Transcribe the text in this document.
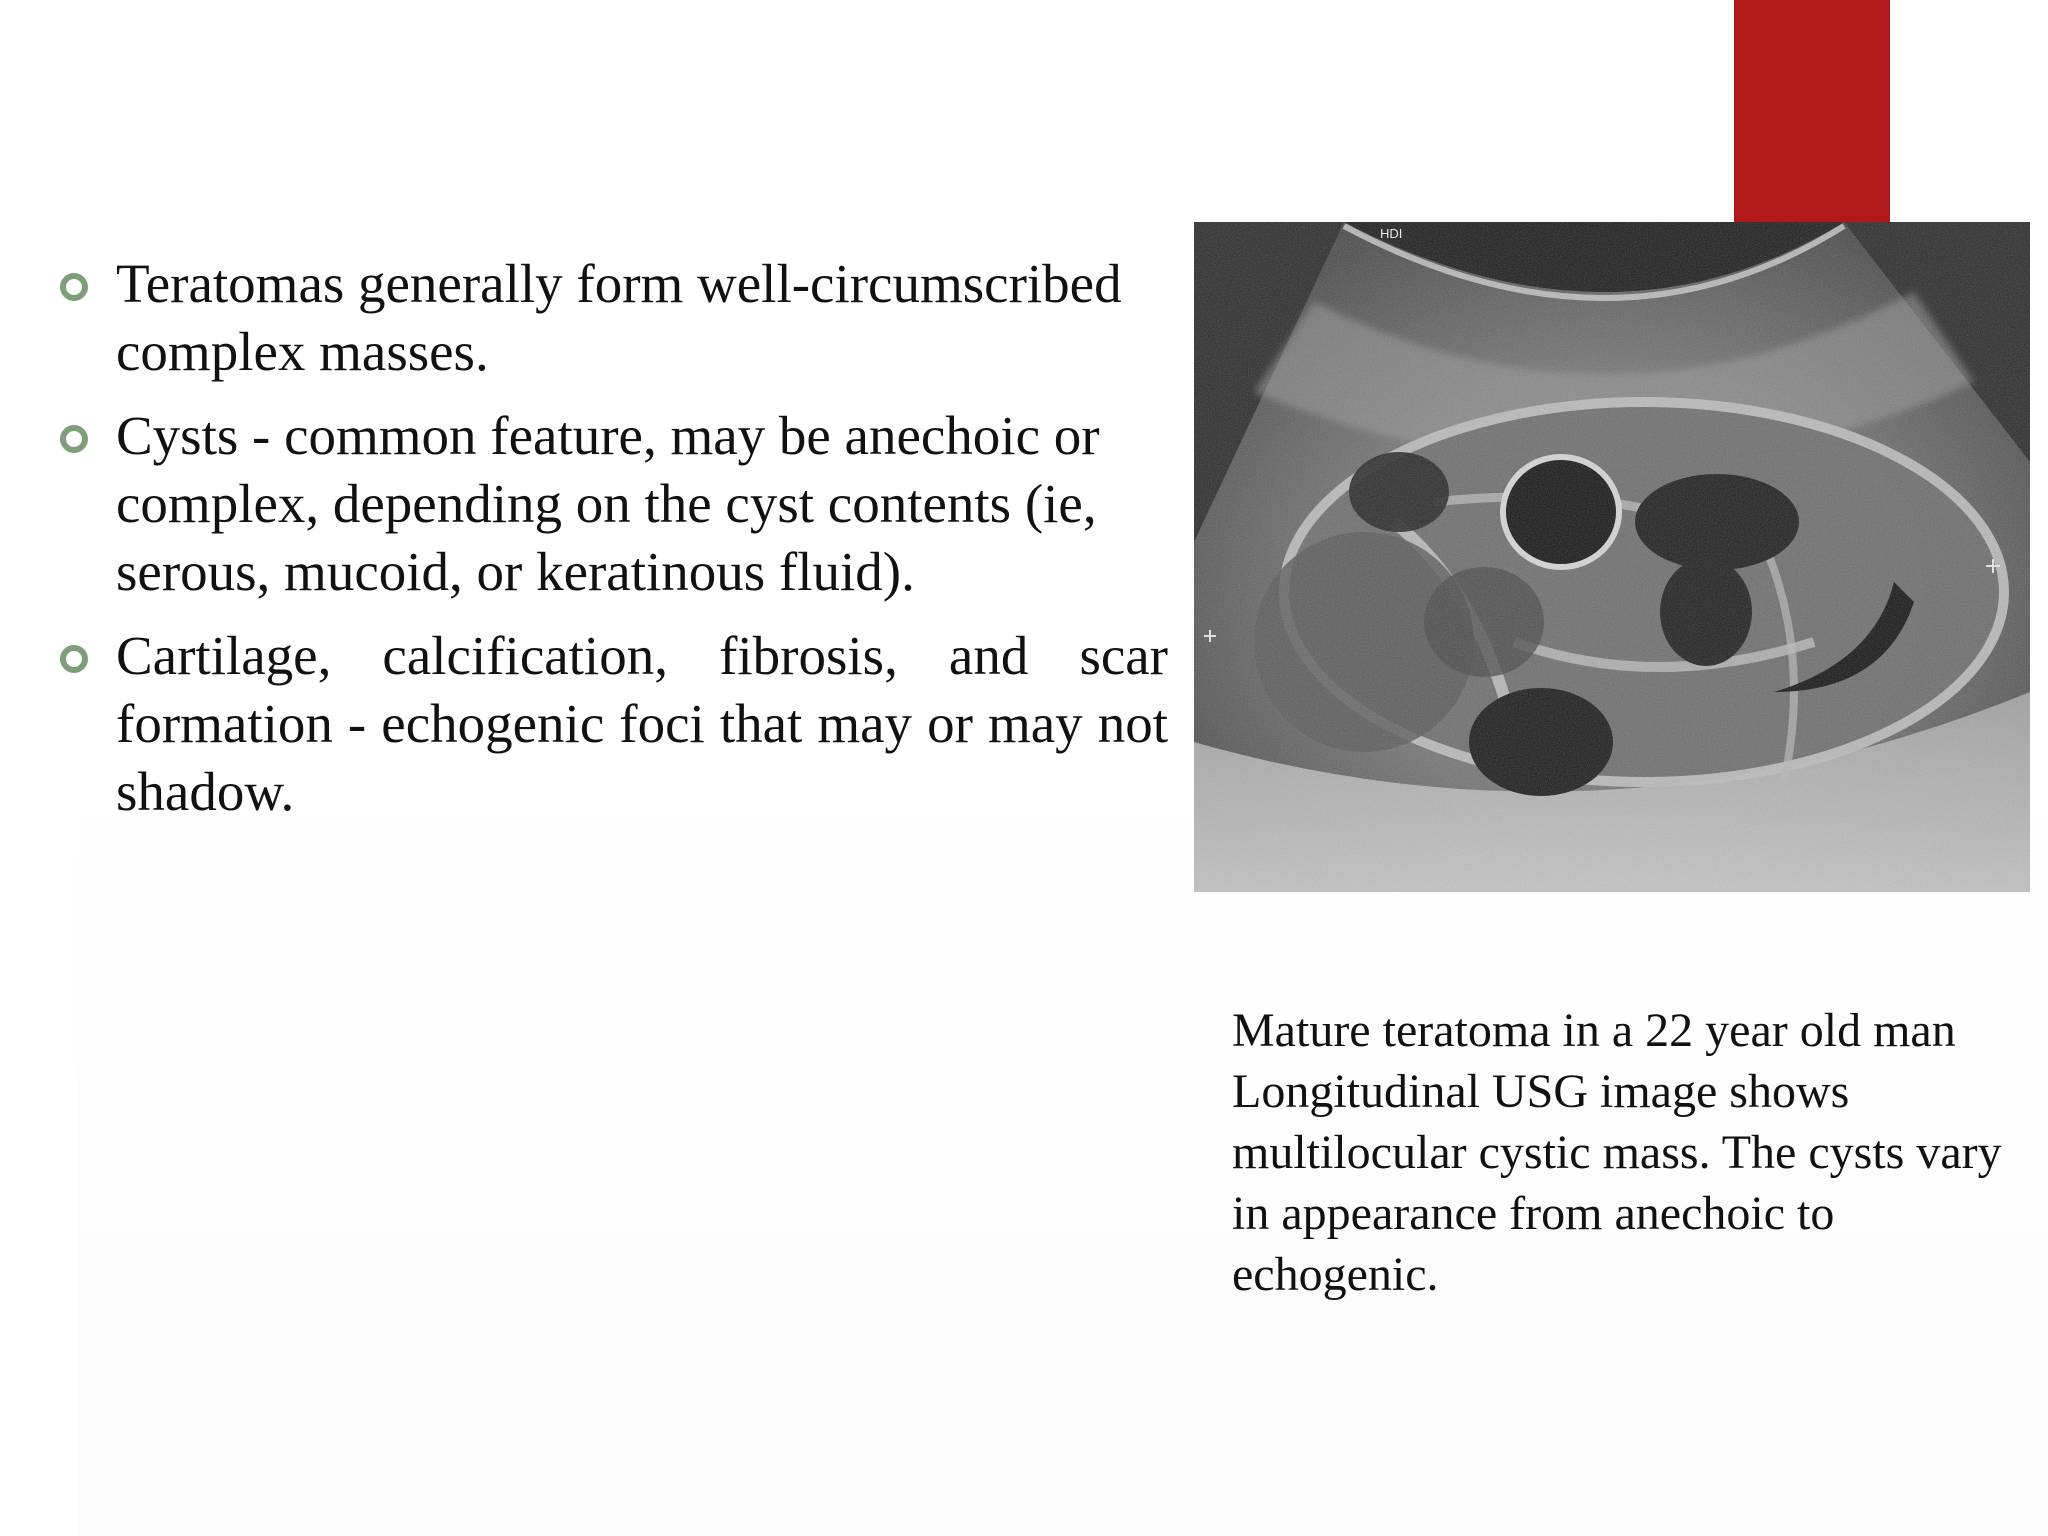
Teratomas generally form well-circumscribed complex masses.
Cysts - common feature, may be anechoic or complex, depending on the cyst contents (ie, serous, mucoid, or keratinous fluid).
Cartilage, calcification, fibrosis, and scar formation - echogenic foci that may or may not shadow.
HDI
Mature teratoma in a 22 year old man
Longitudinal USG image shows multilocular cystic mass. The cysts vary in appearance from anechoic to echogenic.
